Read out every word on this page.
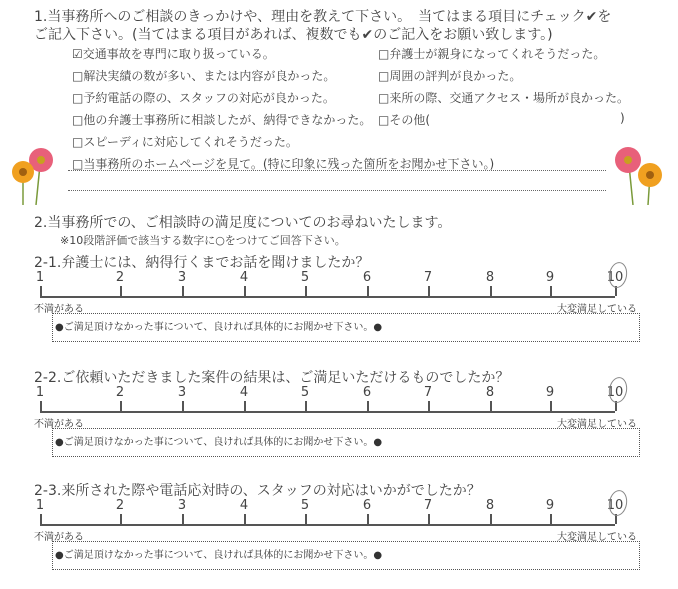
1.当事務所へのご相談のきっかけや、理由を教えて下さい。　当てはまる項目にチェック✔を
ご記入下さい。(当てはまる項目があれば、複数でも✔のご記入をお願い致します。)
☑交通事故を専門に取り扱っている。
□解決実績の数が多い、または内容が良かった。
□予約電話の際の、スタッフの対応が良かった。
□他の弁護士事務所に相談したが、納得できなかった。
□スピーディに対応してくれそうだった。
□当事務所のホームページを見て。(特に印象に残った箇所をお聞かせ下さい。)
□弁護士が親身になってくれそうだった。
□周囲の評判が良かった。
□来所の際、交通アクセス・場所が良かった。
□その他(	)
2.当事務所での、ご相談時の満足度についてのお尋ねいたします。
※10段階評価で該当する数字に○をつけてご回答下さい。
2-1.弁護士には、納得行くまでお話を聞けましたか？
1	2	3	4	5	6	7	8	9	10
不満がある	大変満足している
●ご満足頂けなかった事について、良ければ具体的にお聞かせ下さい。●
2-2.ご依頼いただきました案件の結果は、ご満足いただけるものでしたか？
1	2	3	4	5	6	7	8	9	10
不満がある	大変満足している
●ご満足頂けなかった事について、良ければ具体的にお聞かせ下さい。●
2-3.来所された際や電話応対時の、スタッフの対応はいかがでしたか？
1	2	3	4	5	6	7	8	9	10
不満がある	大変満足している
●ご満足頂けなかった事について、良ければ具体的にお聞かせ下さい。●
